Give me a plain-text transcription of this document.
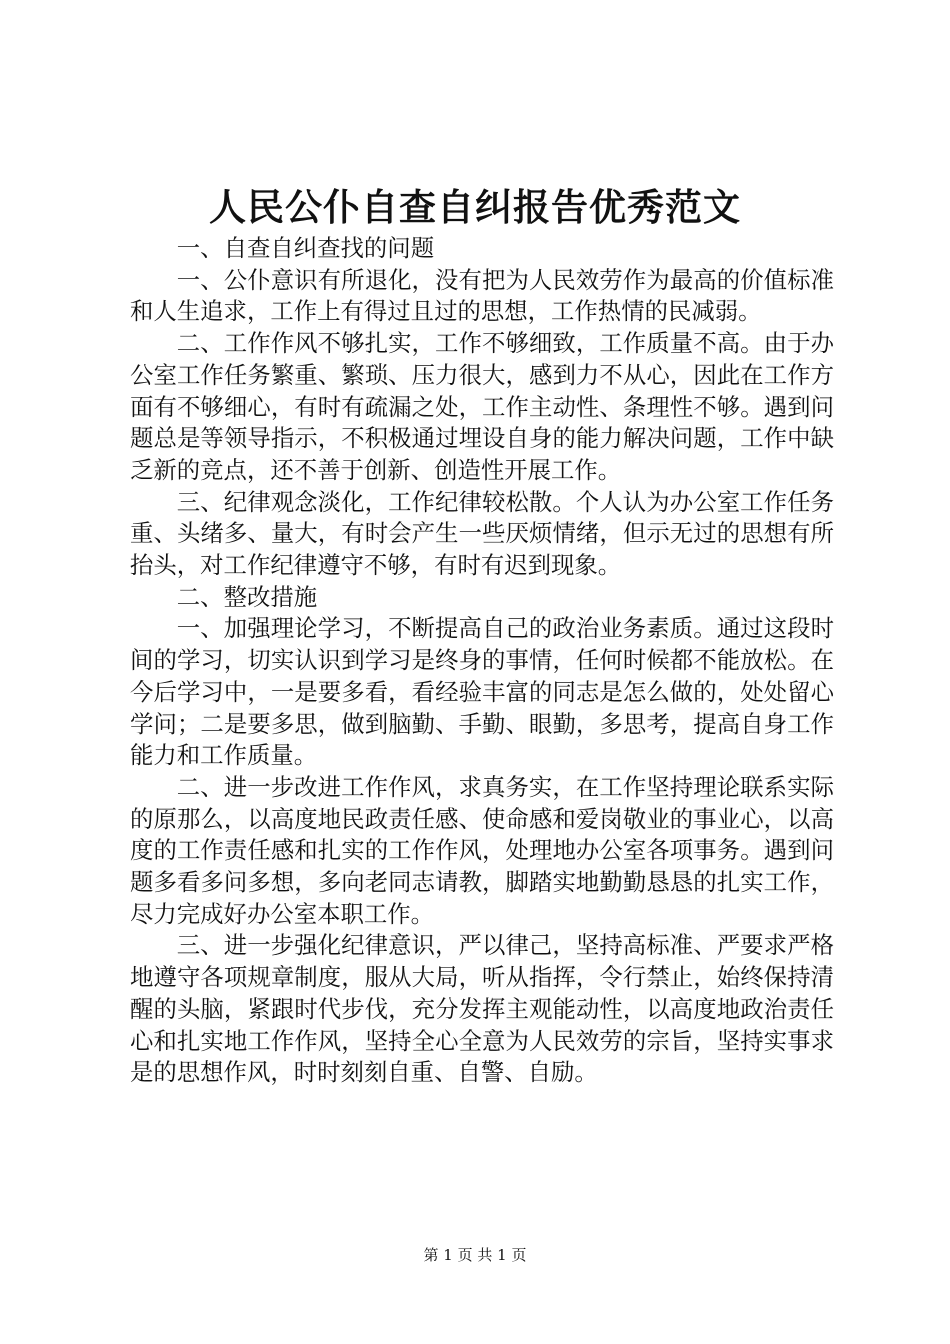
人民公仆自查自纠报告优秀范文

一、自查自纠查找的问题

一、公仆意识有所退化，没有把为人民效劳作为最高的价值标准和人生追求，工作上有得过且过的思想，工作热情的民减弱。

二、工作作风不够扎实，工作不够细致，工作质量不高。由于办公室工作任务繁重、繁琐、压力很大，感到力不从心，因此在工作方面有不够细心，有时有疏漏之处，工作主动性、条理性不够。遇到问题总是等领导指示，不积极通过埋设自身的能力解决问题，工作中缺乏新的竞点，还不善于创新、创造性开展工作。

三、纪律观念淡化，工作纪律较松散。个人认为办公室工作任务重、头绪多、量大，有时会产生一些厌烦情绪，但示无过的思想有所抬头，对工作纪律遵守不够，有时有迟到现象。

二、整改措施

一、加强理论学习，不断提高自己的政治业务素质。通过这段时间的学习，切实认识到学习是终身的事情，任何时候都不能放松。在今后学习中，一是要多看，看经验丰富的同志是怎么做的，处处留心学问；二是要多思，做到脑勤、手勤、眼勤，多思考，提高自身工作能力和工作质量。

二、进一步改进工作作风，求真务实，在工作坚持理论联系实际的原那么，以高度地民政责任感、使命感和爱岗敬业的事业心，以高度的工作责任感和扎实的工作作风，处理地办公室各项事务。遇到问题多看多问多想，多向老同志请教，脚踏实地勤勤恳恳的扎实工作，尽力完成好办公室本职工作。

三、进一步强化纪律意识，严以律己，坚持高标准、严要求严格地遵守各项规章制度，服从大局，听从指挥，令行禁止，始终保持清醒的头脑，紧跟时代步伐，充分发挥主观能动性，以高度地政治责任心和扎实地工作作风，坚持全心全意为人民效劳的宗旨，坚持实事求是的思想作风，时时刻刻自重、自警、自励。

第 1 页 共 1 页
